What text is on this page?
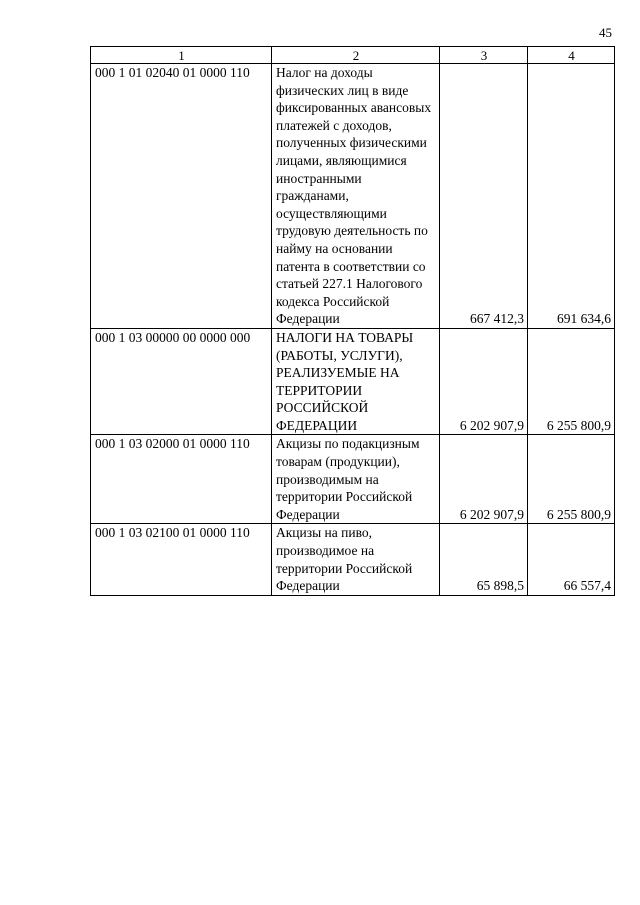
45
1	2	3	4
000 1 01 02040 01 0000 110	Налог на доходы физических лиц в виде фиксированных авансовых платежей с доходов, полученных физическими лицами, являющимися иностранными гражданами, осуществляющими трудовую деятельность по найму на основании патента в соответствии со статьей 227.1 Налогового кодекса Российской Федерации	667 412,3	691 634,6
000 1 03 00000 00 0000 000	НАЛОГИ НА ТОВАРЫ (РАБОТЫ, УСЛУГИ), РЕАЛИЗУЕМЫЕ НА ТЕРРИТОРИИ РОССИЙСКОЙ ФЕДЕРАЦИИ	6 202 907,9	6 255 800,9
000 1 03 02000 01 0000 110	Акцизы по подакцизным товарам (продукции), производимым на территории Российской Федерации	6 202 907,9	6 255 800,9
000 1 03 02100 01 0000 110	Акцизы на пиво, производимое на территории Российской Федерации	65 898,5	66 557,4
